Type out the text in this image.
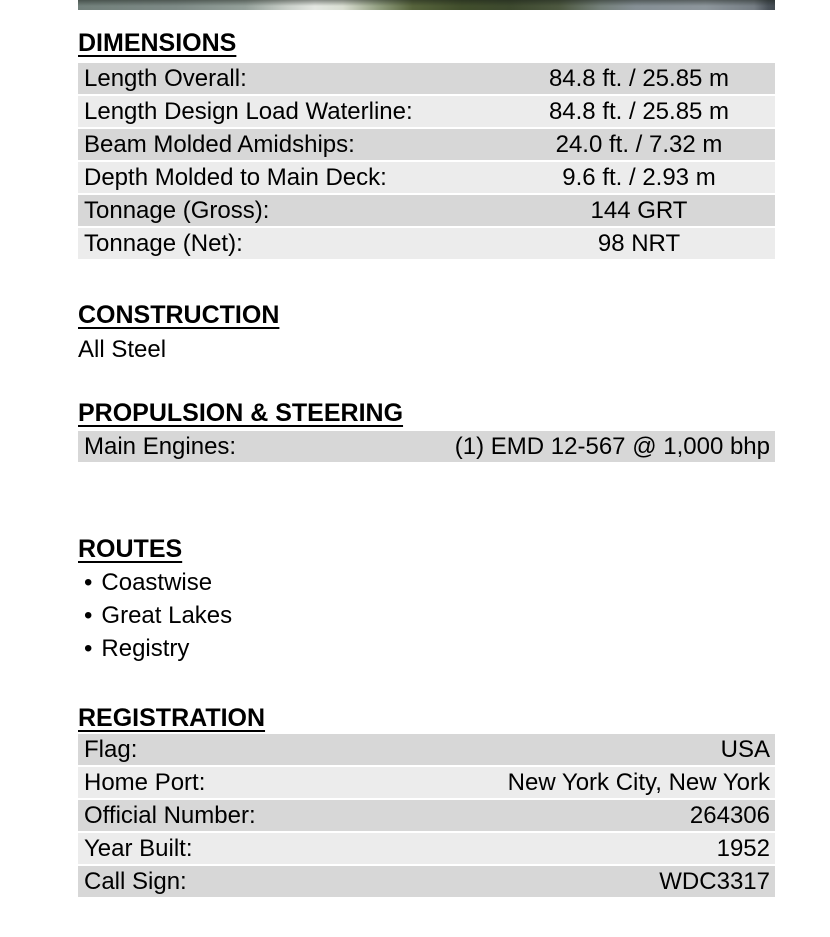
DIMENSIONS
Length Overall:	84.8 ft. / 25.85 m
Length Design Load Waterline:	84.8 ft. / 25.85 m
Beam Molded Amidships:	24.0 ft. / 7.32 m
Depth Molded to Main Deck:	9.6 ft. / 2.93 m
Tonnage (Gross):	144 GRT
Tonnage (Net):	98 NRT
CONSTRUCTION
All Steel
PROPULSION & STEERING
Main Engines:	(1) EMD 12-567 @ 1,000 bhp
ROUTES
• Coastwise
• Great Lakes
• Registry
REGISTRATION
Flag:	USA
Home Port:	New York City, New York
Official Number:	264306
Year Built:	1952
Call Sign:	WDC3317
